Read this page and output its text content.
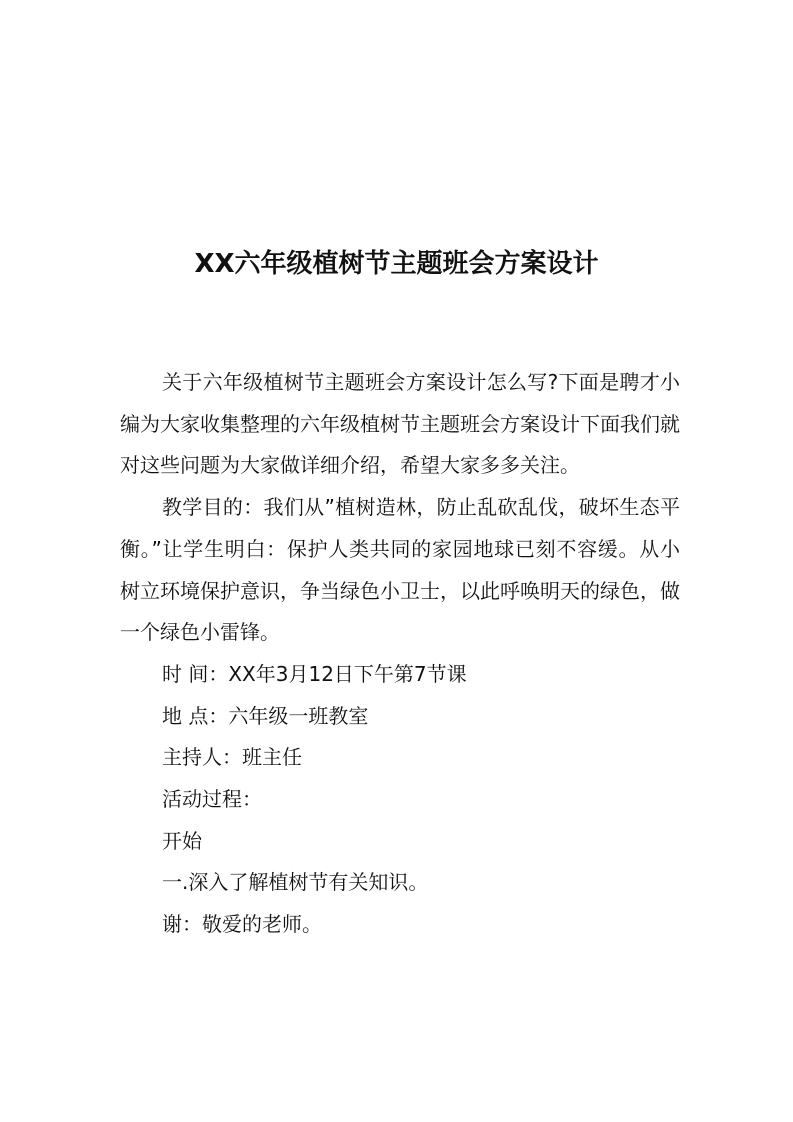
XX六年级植树节主题班会方案设计

关于六年级植树节主题班会方案设计怎么写?下面是聘才小编为大家收集整理的六年级植树节主题班会方案设计下面我们就对这些问题为大家做详细介绍，希望大家多多关注。

教学目的：我们从”植树造林，防止乱砍乱伐，破坏生态平衡。”让学生明白：保护人类共同的家园地球已刻不容缓。从小树立环境保护意识，争当绿色小卫士，以此呼唤明天的绿色，做一个绿色小雷锋。

时 间：XX年3月12日下午第7节课

地 点：六年级一班教室

主持人：班主任

活动过程：

开始

一.深入了解植树节有关知识。

谢：敬爱的老师。
